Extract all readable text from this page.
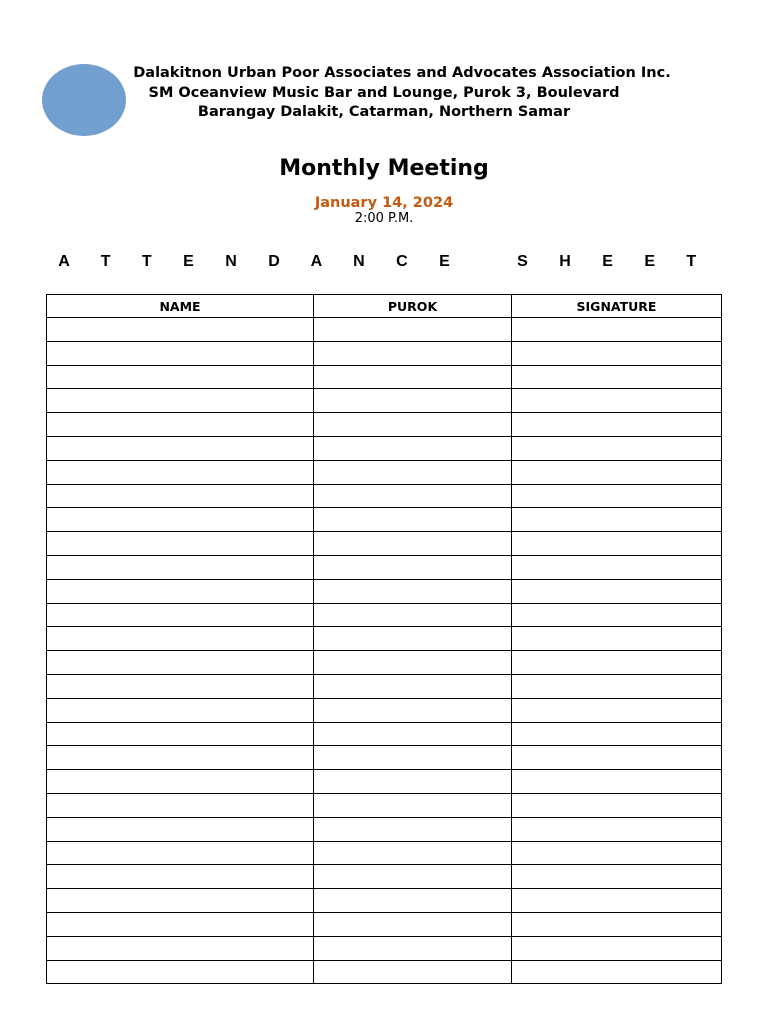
Dalakitnon Urban Poor Associates and Advocates Association Inc.
SM Oceanview Music Bar and Lounge, Purok 3, Boulevard
Barangay Dalakit, Catarman, Northern Samar
Monthly Meeting
January 14, 2024
2:00 P.M.
A T T E N D A N C E   S H E E T
NAME	PUROK	SIGNATURE
